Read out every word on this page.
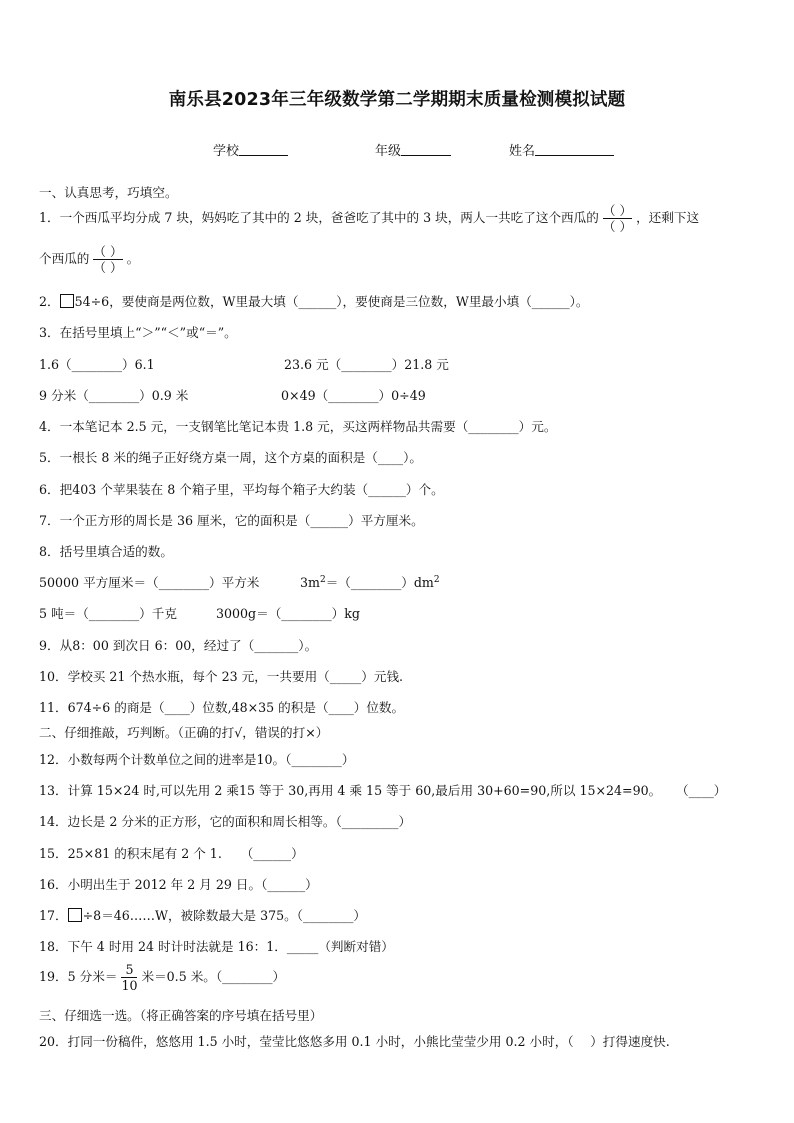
南乐县2023年三年级数学第二学期期末质量检测模拟试题
学校	年级	姓名
一、认真思考，巧填空。
1．一个西瓜平均分成 7 块，妈妈吃了其中的 2 块，爸爸吃了其中的 3 块，两人一共吃了这个西瓜的 $\frac{( )}{( )}$ ，还剩下这
个西瓜的 $\frac{( )}{( )}$ 。
2． 54÷6，要使商是两位数，W里最大填（______），要使商是三位数，W里最小填（______）。
3．在括号里填上“＞”“＜”或“＝”。
1.6（________）6.1	23.6 元（________）21.8 元
9 分米（________）0.9 米	0×49（________）0÷49
4．一本笔记本 2.5 元，一支钢笔比笔记本贵 1.8 元，买这两样物品共需要（________）元。
5．一根长 8 米的绳子正好绕方桌一周，这个方桌的面积是（____）。
6．把403 个苹果装在 8 个箱子里，平均每个箱子大约装（______）个。
7．一个正方形的周长是 36 厘米，它的面积是（______）平方厘米。
8．括号里填合适的数。
50000 平方厘米＝（________）平方米	$3m^2=(\_\_\_\_\_\_\_\_)dm^2$
5 吨＝（________）千克	3000g＝（________）kg
9．从8：00 到次日 6：00，经过了（_______）。
10．学校买 21 个热水瓶，每个 23 元，一共要用（_____）元钱.
11．674÷6 的商是（____）位数,48×35 的积是（____）位数。
二、仔细推敲，巧判断。（正确的打√，错误的打×）
12．小数每两个计数单位之间的进率是10。（________）
13．计算 15×24 时,可以先用 2 乘15 等于 30,再用 4 乘 15 等于 60,最后用 30+60=90,所以 15×24=90。 （____）
14．边长是 2 分米的正方形，它的面积和周长相等。（_________）
15．25×81 的积末尾有 2 个 1.　　（______）
16．小明出生于 2012 年 2 月 29 日。（______）
17． ÷8＝46……W，被除数最大是 375。（________）
18．下午 4 时用 24 时计时法就是 16：1．_____（判断对错）
19．5 分米＝ $\frac{5}{10}$ 米＝0.5 米。（________）
三、仔细选一选。（将正确答案的序号填在括号里）
20．打同一份稿件，悠悠用 1.5 小时，莹莹比悠悠多用 0.1 小时，小熊比莹莹少用 0.2 小时，（　 ）打得速度快.
